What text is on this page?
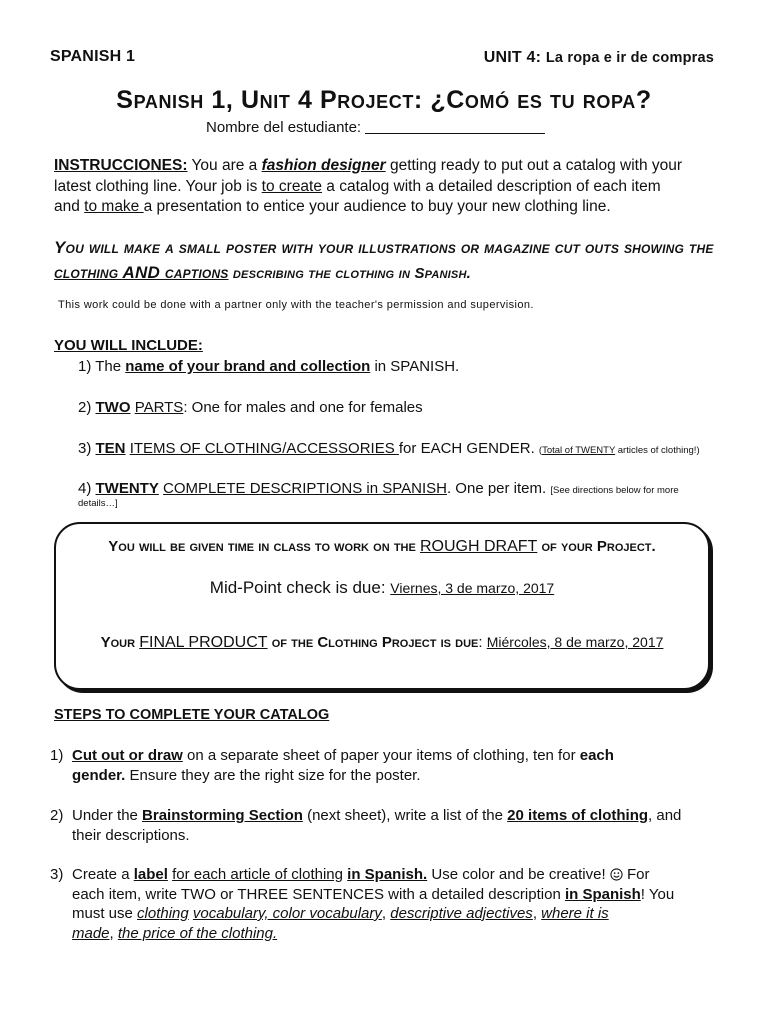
SPANISH 1	UNIT 4: La ropa e ir de compras
Spanish 1, Unit 4 Project: ¿Comó es tu ropa?
Nombre del estudiante:
INSTRUCCIONES: You are a fashion designer getting ready to put out a catalog with your
latest clothing line. Your job is to create a catalog with a detailed description of each item
and to make a presentation to entice your audience to buy your new clothing line.
You will make a small poster with your illustrations or magazine cut outs showing the
clothing AND captions describing the clothing in Spanish.
This work could be done with a partner only with the teacher's permission and supervision.
YOU WILL INCLUDE:
1) The name of your brand and collection in SPANISH.
2) TWO PARTS: One for males and one for females
3) TEN ITEMS OF CLOTHING/ACCESSORIES for EACH GENDER. (Total of TWENTY articles of clothing!)
4) TWENTY COMPLETE DESCRIPTIONS in SPANISH. One per item. [See directions below for more
details…]
You will be given time in class to work on the ROUGH DRAFT of your Project.
Mid-Point check is due: Viernes, 3 de marzo, 2017
Your FINAL PRODUCT of the Clothing Project is due: Miércoles, 8 de marzo, 2017
STEPS TO COMPLETE YOUR CATALOG
1) Cut out or draw on a separate sheet of paper your items of clothing, ten for each
gender. Ensure they are the right size for the poster.
2) Under the Brainstorming Section (next sheet), write a list of the 20 items of clothing, and
their descriptions.
3) Create a label for each article of clothing in Spanish. Use color and be creative!  For
each item, write TWO or THREE SENTENCES with a detailed description in Spanish! You
must use clothing vocabulary, color vocabulary, descriptive adjectives, where it is
made, the price of the clothing.
